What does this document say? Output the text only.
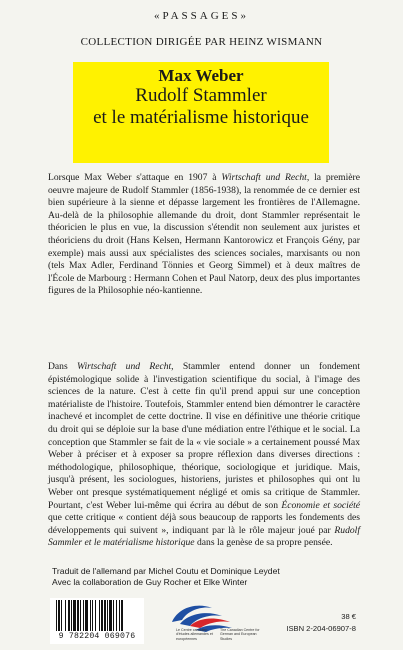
«PASSAGES»
COLLECTION DIRIGÉE PAR HEINZ WISMANN
Max Weber
Rudolf Stammler
et le matérialisme historique
Lorsque Max Weber s'attaque en 1907 à Wirtschaft und Recht, la première oeuvre majeure de Rudolf Stammler (1856-1938), la renommée de ce dernier est bien supérieure à la sienne et dépasse largement les frontières de l'Allemagne. Au-delà de la philosophie allemande du droit, dont Stammler représentait le théoricien le plus en vue, la discussion s'étendit non seulement aux juristes et théoriciens du droit (Hans Kelsen, Hermann Kantorowicz et François Gény, par exemple) mais aussi aux spécialistes des sciences sociales, marxisants ou non (tels Max Adler, Ferdinand Tönnies et Georg Simmel) et à deux maîtres de l'École de Marbourg : Hermann Cohen et Paul Natorp, deux des plus importantes figures de la Philosophie néo-kantienne.
Dans Wirtschaft und Recht, Stammler entend donner un fondement épistémologique solide à l'investigation scientifique du social, à l'image des sciences de la nature. C'est à cette fin qu'il prend appui sur une conception matérialiste de l'histoire. Toutefois, Stammler entend bien démontrer le caractère inachevé et incomplet de cette doctrine. Il vise en définitive une théorie critique du droit qui se déploie sur la base d'une médiation entre l'éthique et le social. La conception que Stammler se fait de la « vie sociale » a certainement poussé Max Weber à préciser et à exposer sa propre réflexion dans diverses directions : méthodologique, philosophique, théorique, sociologique et juridique. Mais, jusqu'à présent, les sociologues, historiens, juristes et philosophes qui ont lu Weber ont presque systématiquement négligé et omis sa critique de Stammler. Pourtant, c'est Weber lui-même qui écrira au début de son Économie et société que cette critique « contient déjà sous beaucoup de rapports les fondements des développements qui suivent », indiquant par là le rôle majeur joué par Rudolf Sammler et le matérialisme historique dans la genèse de sa propre pensée.
Traduit de l'allemand par Michel Coutu et Dominique Leydet
Avec la collaboration de Guy Rocher et Elke Winter
9 782204 069076
Le Centre canadien d'études allemandes et européennes
The Canadian Centre for German and European Studies
38 €
ISBN 2-204-06907-8
